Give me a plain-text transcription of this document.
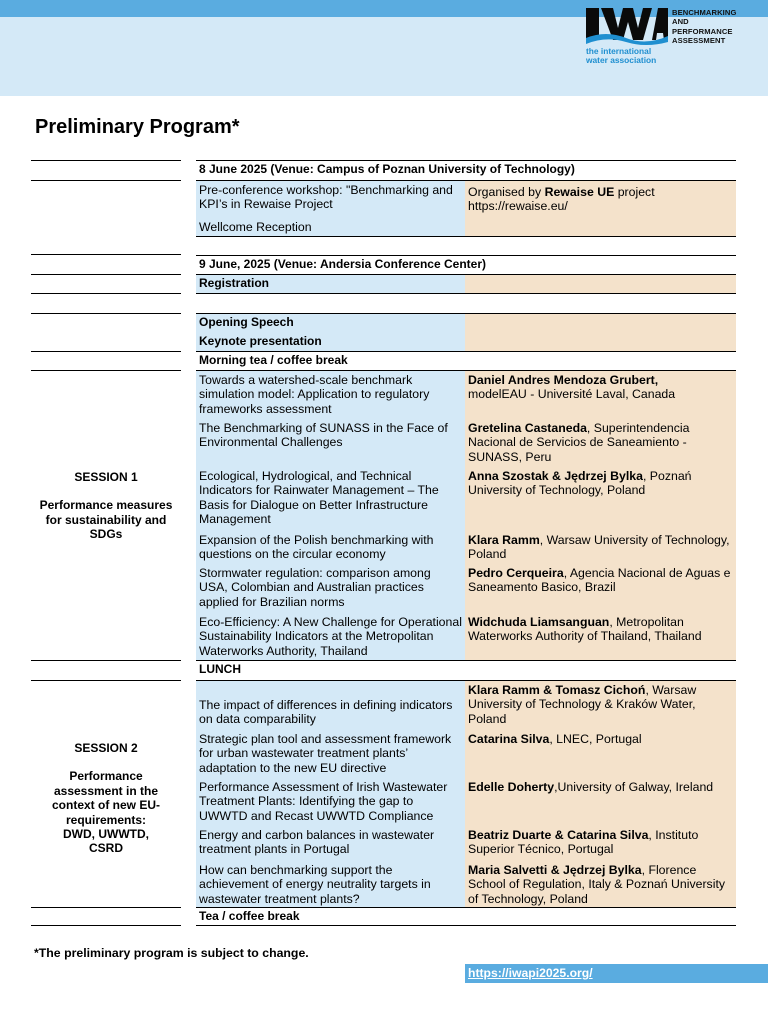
the international
water association
BENCHMARKING
AND
PERFORMANCE
ASSESSMENT
Preliminary Program*
8 June 2025 (Venue: Campus of Poznan University of Technology)
Pre-conference workshop: "Benchmarking and KPI’s in Rewaise Project
Wellcome Reception
Organised by Rewaise UE project
https://rewaise.eu/
9 June, 2025 (Venue: Andersia Conference Center)
Registration
Opening Speech
Keynote presentation
Morning tea / coffee break
SESSION 1
Performance measures for sustainability and SDGs
Towards a watershed-scale benchmark simulation model: Application to regulatory frameworks assessment
Daniel Andres Mendoza Grubert,
modelEAU - Université Laval, Canada
The Benchmarking of SUNASS in the Face of Environmental Challenges
Gretelina Castaneda, Superintendencia Nacional de Servicios de Saneamiento - SUNASS, Peru
Ecological, Hydrological, and Technical Indicators for Rainwater Management – The Basis for Dialogue on Better Infrastructure Management
Anna Szostak & Jędrzej Bylka, Poznań University of Technology, Poland
Expansion of the Polish benchmarking with questions on the circular economy
Klara Ramm, Warsaw University of Technology, Poland
Stormwater regulation: comparison among USA, Colombian and Australian practices applied for Brazilian norms
Pedro Cerqueira, Agencia Nacional de Aguas e Saneamento Basico, Brazil
Eco-Efficiency: A New Challenge for Operational Sustainability Indicators at the Metropolitan Waterworks Authority, Thailand
Widchuda Liamsanguan, Metropolitan Waterworks Authority of Thailand, Thailand
LUNCH
SESSION 2
Performance assessment in the context of new EU-requirements: DWD, UWWTD, CSRD
The impact of differences in defining indicators on data comparability
Klara Ramm & Tomasz Cichoń, Warsaw University of Technology & Kraków Water, Poland
Strategic plan tool and assessment framework for urban wastewater treatment plants’ adaptation to the new EU directive
Catarina Silva, LNEC, Portugal
Performance Assessment of Irish Wastewater Treatment Plants: Identifying the gap to UWWTD and Recast UWWTD Compliance
Edelle Doherty,University of Galway, Ireland
Energy and carbon balances in wastewater treatment plants in Portugal
Beatriz Duarte & Catarina Silva, Instituto Superior Técnico, Portugal
How can benchmarking support the achievement of energy neutrality targets in wastewater treatment plants?
Maria Salvetti & Jędrzej Bylka, Florence School of Regulation, Italy & Poznań University of Technology, Poland
Tea / coffee break
*The preliminary program is subject to change.
https://iwapi2025.org/
